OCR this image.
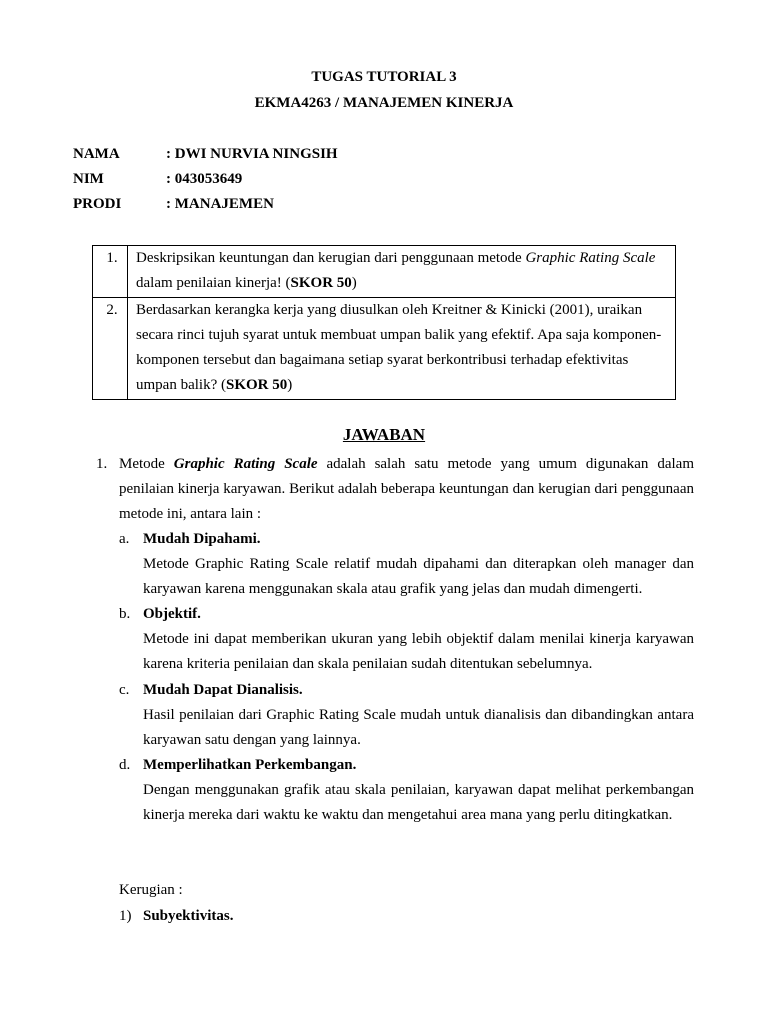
TUGAS TUTORIAL 3
EKMA4263 / MANAJEMEN KINERJA
NAMA	: DWI NURVIA NINGSIH
NIM	: 043053649
PRODI	: MANAJEMEN
1.	Deskripsikan keuntungan dan kerugian dari penggunaan metode Graphic Rating Scale dalam penilaian kinerja! (SKOR 50)
2.	Berdasarkan kerangka kerja yang diusulkan oleh Kreitner & Kinicki (2001), uraikan secara rinci tujuh syarat untuk membuat umpan balik yang efektif. Apa saja komponen-komponen tersebut dan bagaimana setiap syarat berkontribusi terhadap efektivitas umpan balik? (SKOR 50)
JAWABAN
1. Metode Graphic Rating Scale adalah salah satu metode yang umum digunakan dalam penilaian kinerja karyawan. Berikut adalah beberapa keuntungan dan kerugian dari penggunaan metode ini, antara lain :
a. Mudah Dipahami.
Metode Graphic Rating Scale relatif mudah dipahami dan diterapkan oleh manager dan karyawan karena menggunakan skala atau grafik yang jelas dan mudah dimengerti.
b. Objektif.
Metode ini dapat memberikan ukuran yang lebih objektif dalam menilai kinerja karyawan karena kriteria penilaian dan skala penilaian sudah ditentukan sebelumnya.
c. Mudah Dapat Dianalisis.
Hasil penilaian dari Graphic Rating Scale mudah untuk dianalisis dan dibandingkan antara karyawan satu dengan yang lainnya.
d. Memperlihatkan Perkembangan.
Dengan menggunakan grafik atau skala penilaian, karyawan dapat melihat perkembangan kinerja mereka dari waktu ke waktu dan mengetahui area mana yang perlu ditingkatkan.
Kerugian :
1) Subyektivitas.
